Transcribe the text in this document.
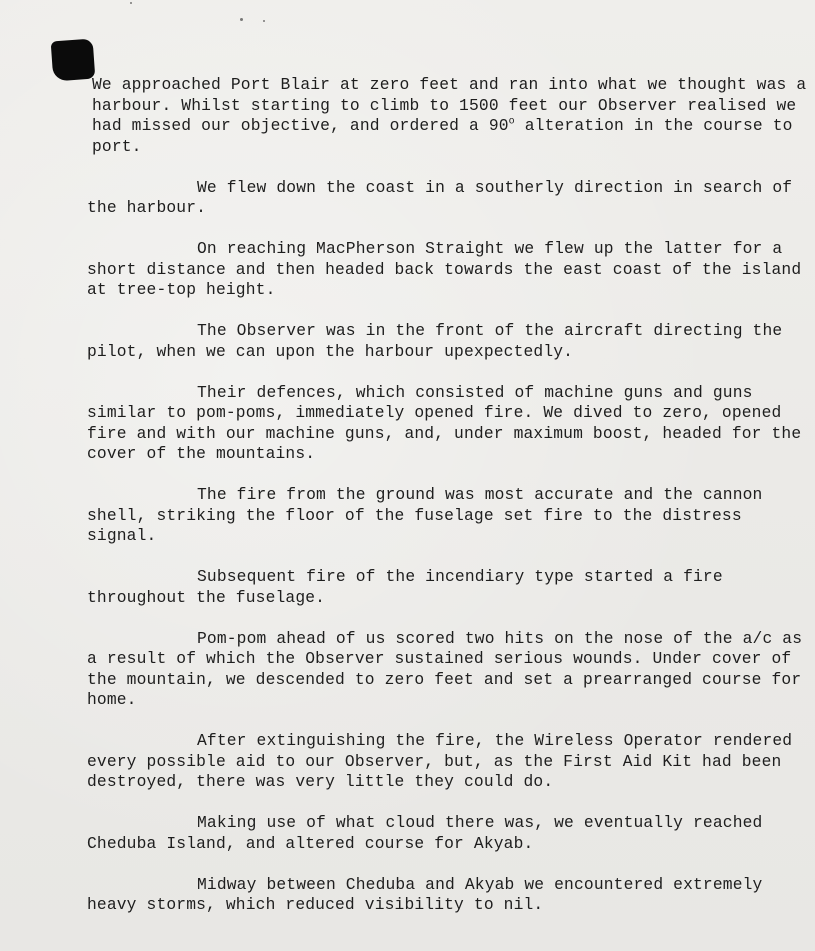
We approached Port Blair at zero feet and ran into what we thought was a harbour. Whilst starting to climb to 1500 feet our Observer realised we had missed our objective, and ordered a 90$^o$ alteration in the course to port.

We flew down the coast in a southerly direction in search of the harbour.

On reaching MacPherson Straight we flew up the latter for a short distance and then headed back towards the east coast of the island at tree-top height.

The Observer was in the front of the aircraft directing the pilot, when we can upon the harbour upexpectedly.

Their defences, which consisted of machine guns and guns similar to pom-poms, immediately opened fire. We dived to zero, opened fire and with our machine guns, and, under maximum boost, headed for the cover of the mountains.

The fire from the ground was most accurate and the cannon shell, striking the floor of the fuselage set fire to the distress signal.

Subsequent fire of the incendiary type started a fire throughout the fuselage.

Pom-pom ahead of us scored two hits on the nose of the a/c as a result of which the Observer sustained serious wounds. Under cover of the mountain, we descended to zero feet and set a prearranged course for home.

After extinguishing the fire, the Wireless Operator rendered every possible aid to our Observer, but, as the First Aid Kit had been destroyed, there was very little they could do.

Making use of what cloud there was, we eventually reached Cheduba Island, and altered course for Akyab.

Midway between Cheduba and Akyab we encountered extremely heavy storms, which reduced visibility to nil.
